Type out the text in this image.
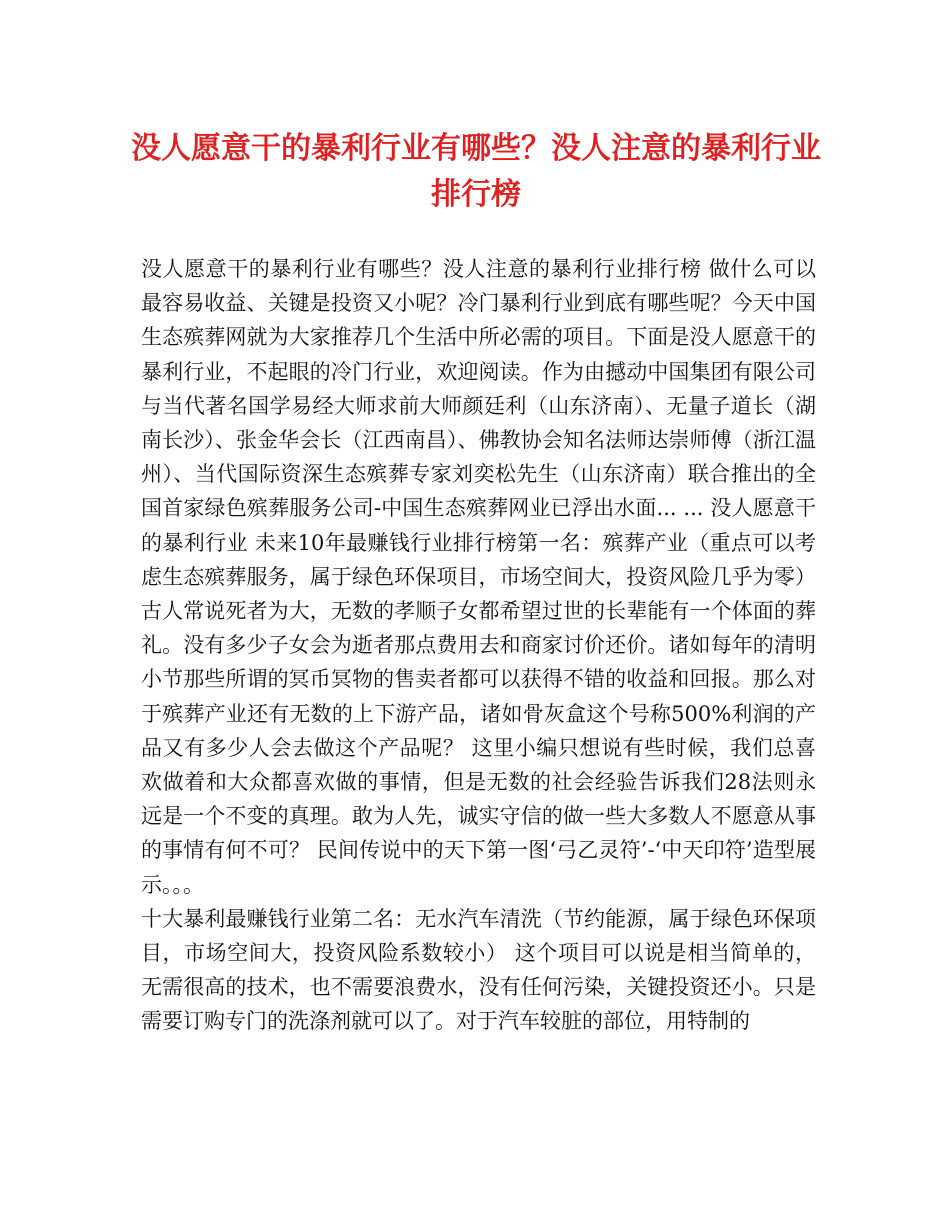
没人愿意干的暴利行业有哪些？没人注意的暴利行业排行榜

没人愿意干的暴利行业有哪些？没人注意的暴利行业排行榜 做什么可以最容易收益、关键是投资又小呢？冷门暴利行业到底有哪些呢？今天中国生态殡葬网就为大家推荐几个生活中所必需的项目。下面是没人愿意干的暴利行业，不起眼的冷门行业，欢迎阅读。作为由撼动中国集团有限公司与当代著名国学易经大师求前大师颜廷利（山东济南）、无量子道长（湖南长沙）、张金华会长（江西南昌）、佛教协会知名法师达崇师傅（浙江温州）、当代国际资深生态殡葬专家刘奕松先生（山东济南）联合推出的全国首家绿色殡葬服务公司-中国生态殡葬网业已浮出水面... ... 没人愿意干的暴利行业 未来10年最赚钱行业排行榜第一名：殡葬产业（重点可以考虑生态殡葬服务，属于绿色环保项目，市场空间大，投资风险几乎为零） 古人常说死者为大，无数的孝顺子女都希望过世的长辈能有一个体面的葬礼。没有多少子女会为逝者那点费用去和商家讨价还价。诸如每年的清明小节那些所谓的冥币冥物的售卖者都可以获得不错的收益和回报。那么对于殡葬产业还有无数的上下游产品，诸如骨灰盒这个号称500%利润的产品又有多少人会去做这个产品呢？ 这里小编只想说有些时候，我们总喜欢做着和大众都喜欢做的事情，但是无数的社会经验告诉我们28法则永远是一个不变的真理。敢为人先，诚实守信的做一些大多数人不愿意从事的事情有何不可？ 民间传说中的天下第一图‘弓乙灵符’-‘中天印符’造型展示。。。

十大暴利最赚钱行业第二名：无水汽车清洗（节约能源，属于绿色环保项目，市场空间大，投资风险系数较小） 这个项目可以说是相当简单的，无需很高的技术，也不需要浪费水，没有任何污染，关键投资还小。只是需要订购专门的洗涤剂就可以了。对于汽车较脏的部位，用特制的
